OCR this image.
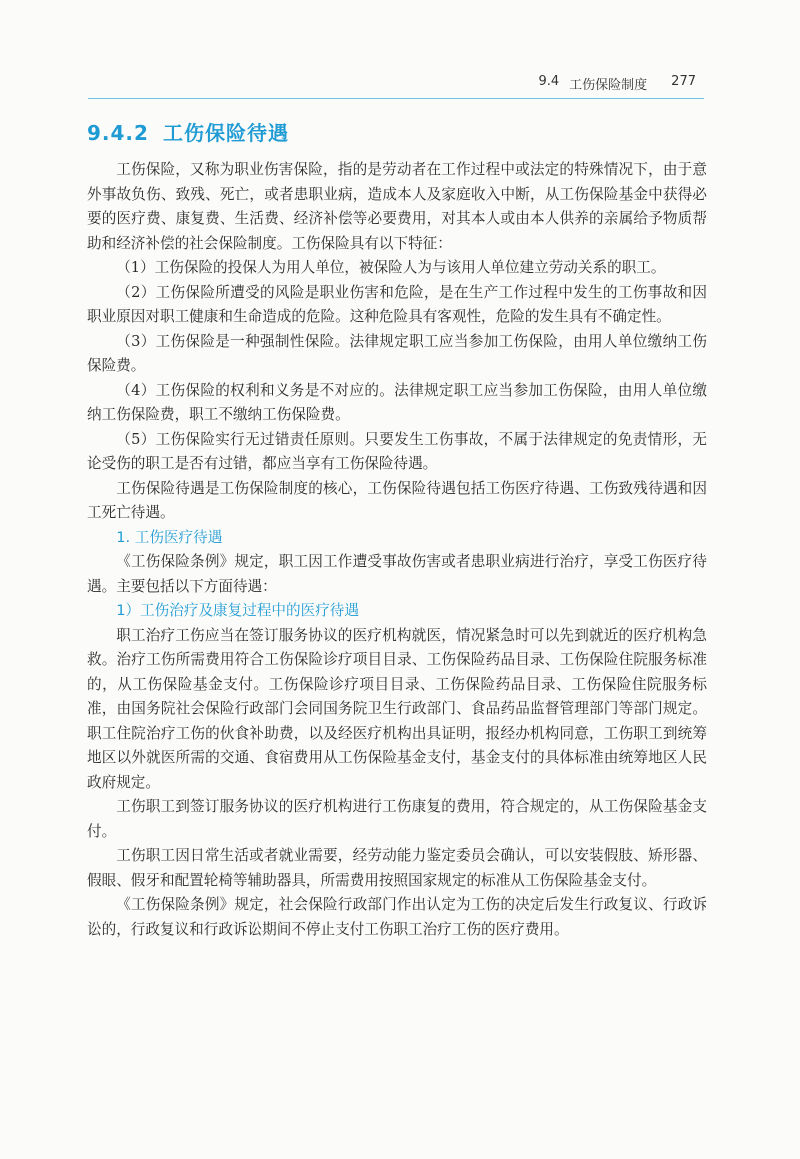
9.4 工伤保险制度 277
9.4.2 工伤保险待遇

工伤保险，又称为职业伤害保险，指的是劳动者在工作过程中或法定的特殊情况下，由于意外事故负伤、致残、死亡，或者患职业病，造成本人及家庭收入中断，从工伤保险基金中获得必要的医疗费、康复费、生活费、经济补偿等必要费用，对其本人或由本人供养的亲属给予物质帮助和经济补偿的社会保险制度。工伤保险具有以下特征：

（1）工伤保险的投保人为用人单位，被保险人为与该用人单位建立劳动关系的职工。

（2）工伤保险所遭受的风险是职业伤害和危险，是在生产工作过程中发生的工伤事故和因职业原因对职工健康和生命造成的危险。这种危险具有客观性，危险的发生具有不确定性。

（3）工伤保险是一种强制性保险。法律规定职工应当参加工伤保险，由用人单位缴纳工伤保险费。

（4）工伤保险的权利和义务是不对应的。法律规定职工应当参加工伤保险，由用人单位缴纳工伤保险费，职工不缴纳工伤保险费。

（5）工伤保险实行无过错责任原则。只要发生工伤事故，不属于法律规定的免责情形，无论受伤的职工是否有过错，都应当享有工伤保险待遇。

工伤保险待遇是工伤保险制度的核心，工伤保险待遇包括工伤医疗待遇、工伤致残待遇和因工死亡待遇。

1. 工伤医疗待遇

《工伤保险条例》规定，职工因工作遭受事故伤害或者患职业病进行治疗，享受工伤医疗待遇。主要包括以下方面待遇：

1）工伤治疗及康复过程中的医疗待遇

职工治疗工伤应当在签订服务协议的医疗机构就医，情况紧急时可以先到就近的医疗机构急救。治疗工伤所需费用符合工伤保险诊疗项目目录、工伤保险药品目录、工伤保险住院服务标准的，从工伤保险基金支付。工伤保险诊疗项目目录、工伤保险药品目录、工伤保险住院服务标准，由国务院社会保险行政部门会同国务院卫生行政部门、食品药品监督管理部门等部门规定。职工住院治疗工伤的伙食补助费，以及经医疗机构出具证明，报经办机构同意，工伤职工到统筹地区以外就医所需的交通、食宿费用从工伤保险基金支付，基金支付的具体标准由统筹地区人民政府规定。

工伤职工到签订服务协议的医疗机构进行工伤康复的费用，符合规定的，从工伤保险基金支付。

工伤职工因日常生活或者就业需要，经劳动能力鉴定委员会确认，可以安装假肢、矫形器、假眼、假牙和配置轮椅等辅助器具，所需费用按照国家规定的标准从工伤保险基金支付。

《工伤保险条例》规定，社会保险行政部门作出认定为工伤的决定后发生行政复议、行政诉讼的，行政复议和行政诉讼期间不停止支付工伤职工治疗工伤的医疗费用。
